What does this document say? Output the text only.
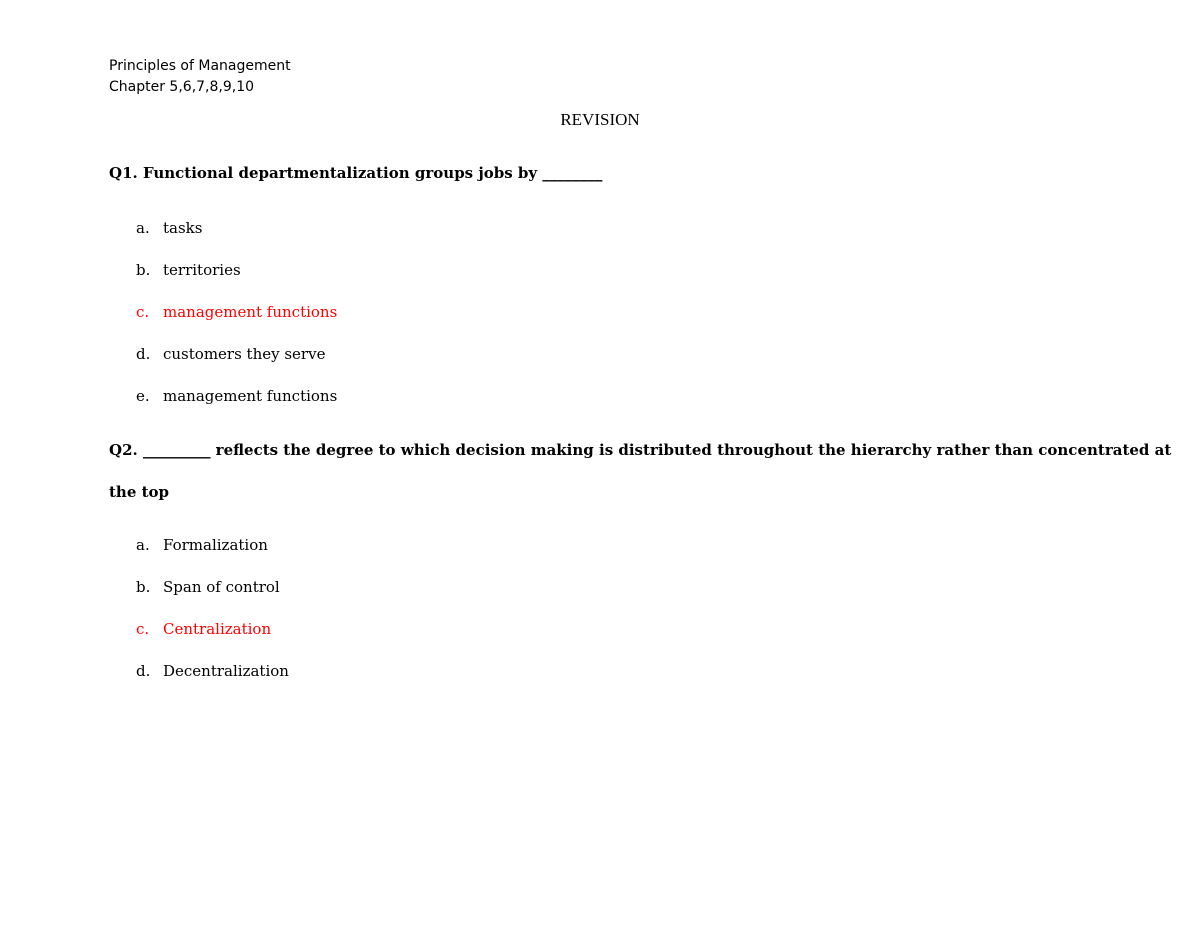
Principles of Management
Chapter 5,6,7,8,9,10
REVISION
Q1. Functional departmentalization groups jobs by ________
a. tasks
b. territories
c. management functions
d. customers they serve
e. management functions
Q2. _________ reflects the degree to which decision making is distributed throughout the hierarchy rather than concentrated at
the top
a. Formalization
b. Span of control
c. Centralization
d. Decentralization
